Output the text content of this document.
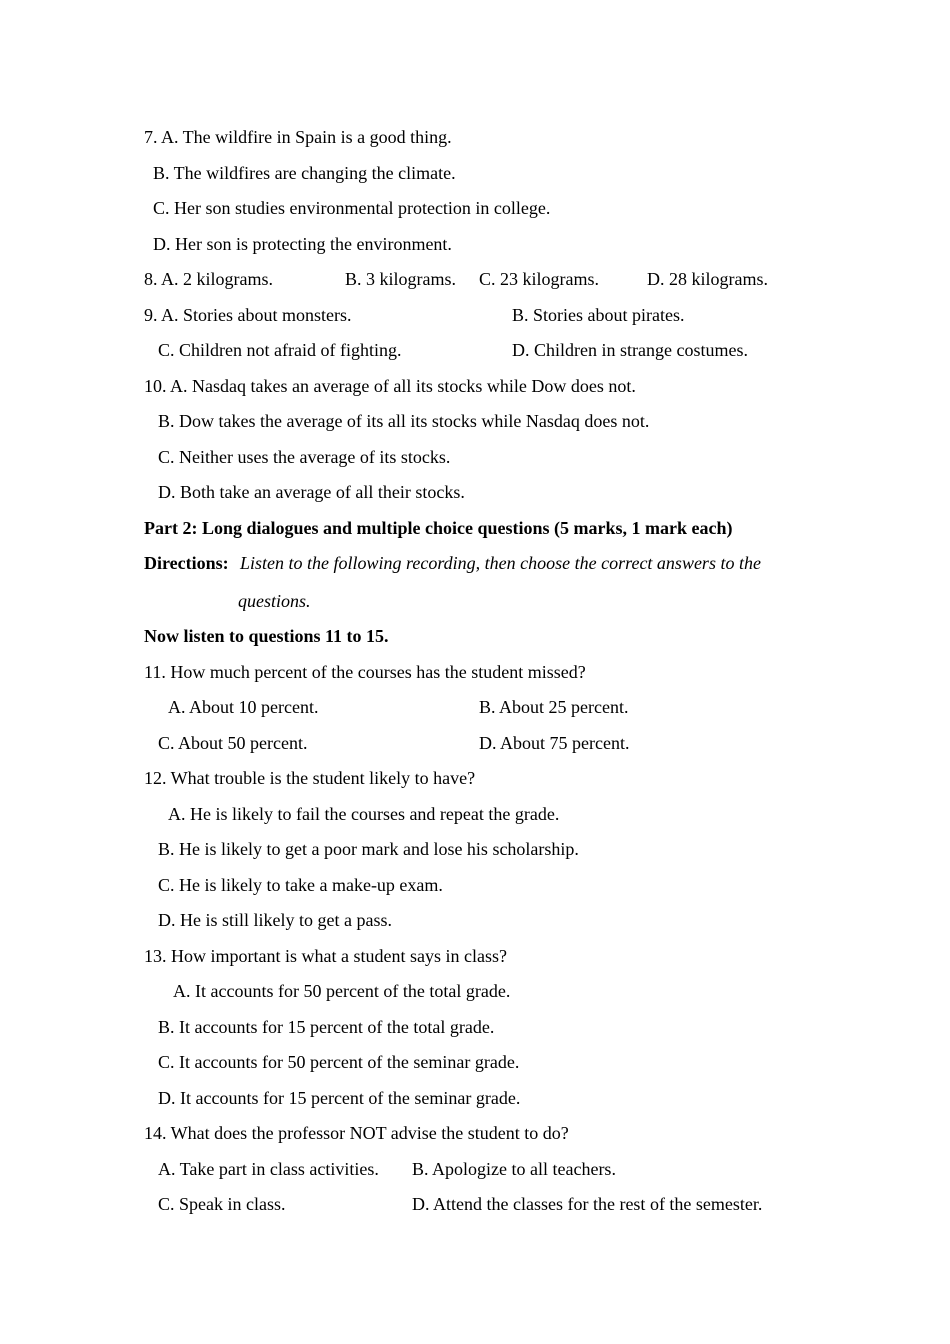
7. A. The wildfire in Spain is a good thing.
B. The wildfires are changing the climate.
C. Her son studies environmental protection in college.
D. Her son is protecting the environment.
8. A. 2 kilograms.	B. 3 kilograms. C. 23 kilograms.	D. 28 kilograms.
9. A. Stories about monsters.	B. Stories about pirates.
C. Children not afraid of fighting.	D. Children in strange costumes.
10. A. Nasdaq takes an average of all its stocks while Dow does not.
B. Dow takes the average of its all its stocks while Nasdaq does not.
C. Neither uses the average of its stocks.
D. Both take an average of all their stocks.
Part 2: Long dialogues and multiple choice questions (5 marks, 1 mark each)
Directions: Listen to the following recording, then choose the correct answers to the
questions.
Now listen to questions 11 to 15.
11. How much percent of the courses has the student missed?
A. About 10 percent.	B. About 25 percent.
C. About 50 percent.	D. About 75 percent.
12. What trouble is the student likely to have?
A. He is likely to fail the courses and repeat the grade.
B. He is likely to get a poor mark and lose his scholarship.
C. He is likely to take a make-up exam.
D. He is still likely to get a pass.
13. How important is what a student says in class?
A. It accounts for 50 percent of the total grade.
B. It accounts for 15 percent of the total grade.
C. It accounts for 50 percent of the seminar grade.
D. It accounts for 15 percent of the seminar grade.
14. What does the professor NOT advise the student to do?
A. Take part in class activities. B. Apologize to all teachers.
C. Speak in class.	D. Attend the classes for the rest of the semester.
